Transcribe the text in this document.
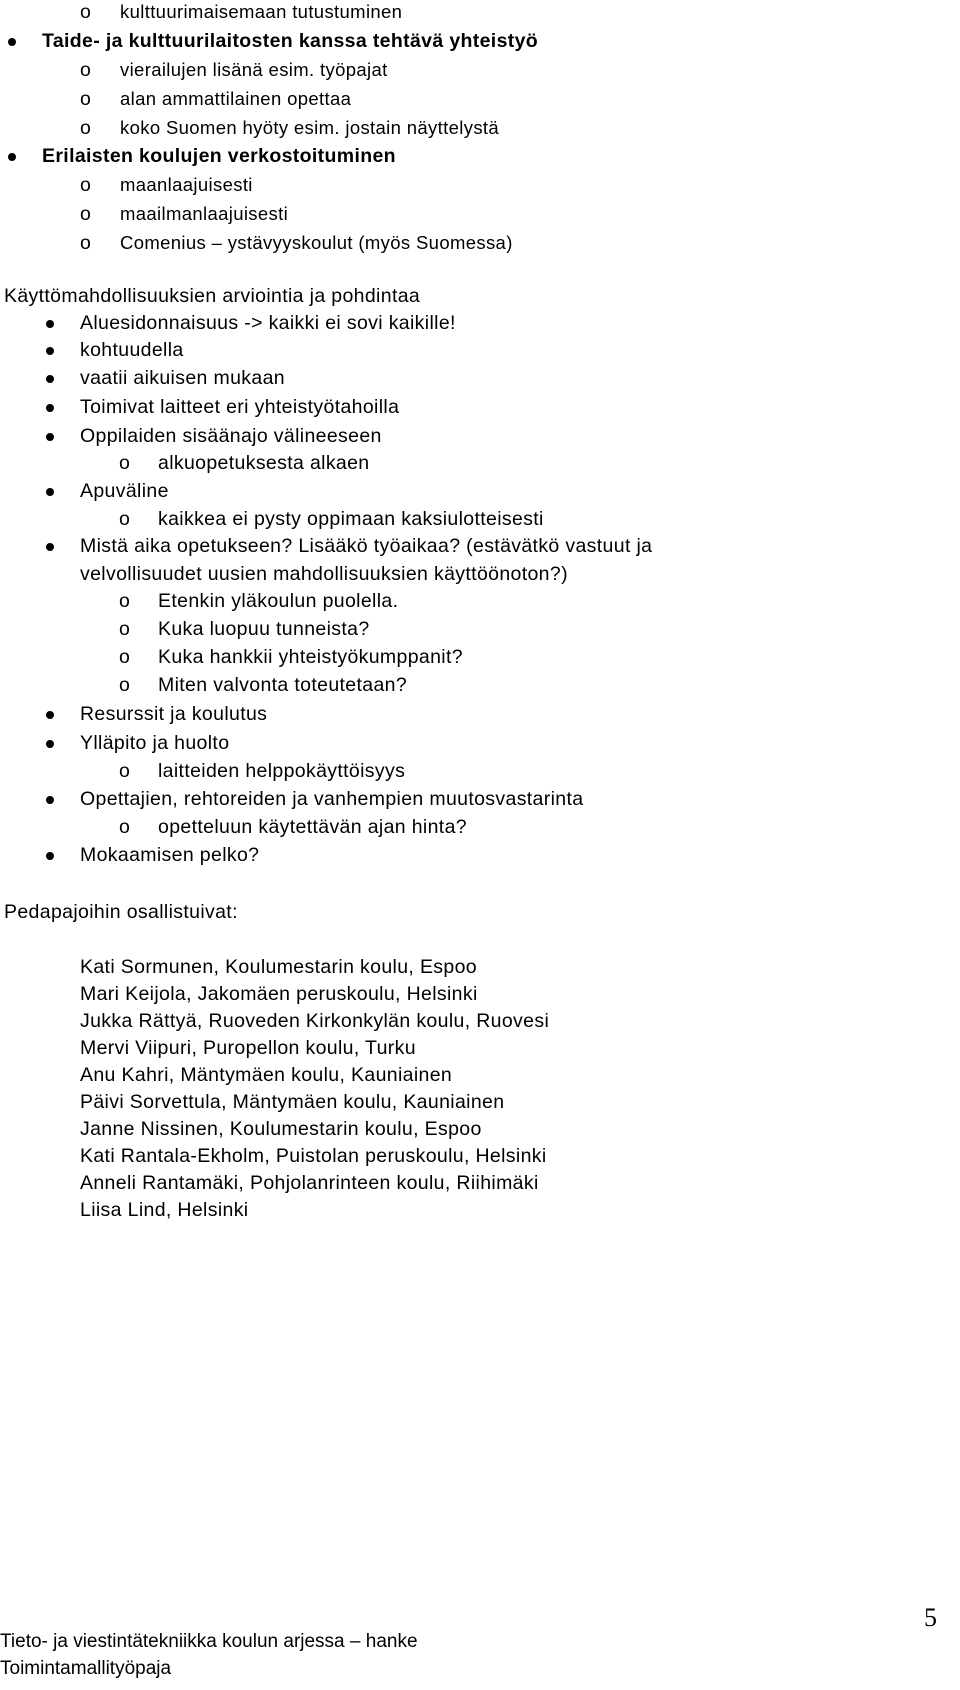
o kulttuurimaisemaan tutustuminen
Taide- ja kulttuurilaitosten kanssa tehtävä yhteistyö
o vierailujen lisänä esim. työpajat
o alan ammattilainen opettaa
o koko Suomen hyöty esim. jostain näyttelystä
Erilaisten koulujen verkostoituminen
o maanlaajuisesti
o maailmanlaajuisesti
o Comenius – ystävyyskoulut (myös Suomessa)
Käyttömahdollisuuksien arviointia ja pohdintaa
Aluesidonnaisuus -> kaikki ei sovi kaikille!
kohtuudella
vaatii aikuisen mukaan
Toimivat laitteet eri yhteistyötahoilla
Oppilaiden sisäänajo välineeseen
o alkuopetuksesta alkaen
Apuväline
o kaikkea ei pysty oppimaan kaksiulotteisesti
Mistä aika opetukseen? Lisääkö työaikaa? (estävätkö vastuut ja
velvollisuudet uusien mahdollisuuksien käyttöönoton?)
o Etenkin yläkoulun puolella.
o Kuka luopuu tunneista?
o Kuka hankkii yhteistyökumppanit?
o Miten valvonta toteutetaan?
Resurssit ja koulutus
Ylläpito ja huolto
o laitteiden helppokäyttöisyys
Opettajien, rehtoreiden ja vanhempien muutosvastarinta
o opetteluun käytettävän ajan hinta?
Mokaamisen pelko?
Pedapajoihin osallistuivat:
Kati Sormunen, Koulumestarin koulu, Espoo
Mari Keijola, Jakomäen peruskoulu, Helsinki
Jukka Rättyä, Ruoveden Kirkonkylän koulu, Ruovesi
Mervi Viipuri, Puropellon koulu, Turku
Anu Kahri, Mäntymäen koulu, Kauniainen
Päivi Sorvettula, Mäntymäen koulu, Kauniainen
Janne Nissinen, Koulumestarin koulu, Espoo
Kati Rantala-Ekholm, Puistolan peruskoulu, Helsinki
Anneli Rantamäki, Pohjolanrinteen koulu, Riihimäki
Liisa Lind, Helsinki
5
Tieto- ja viestintätekniikka koulun arjessa – hanke
Toimintamallityöpaja
